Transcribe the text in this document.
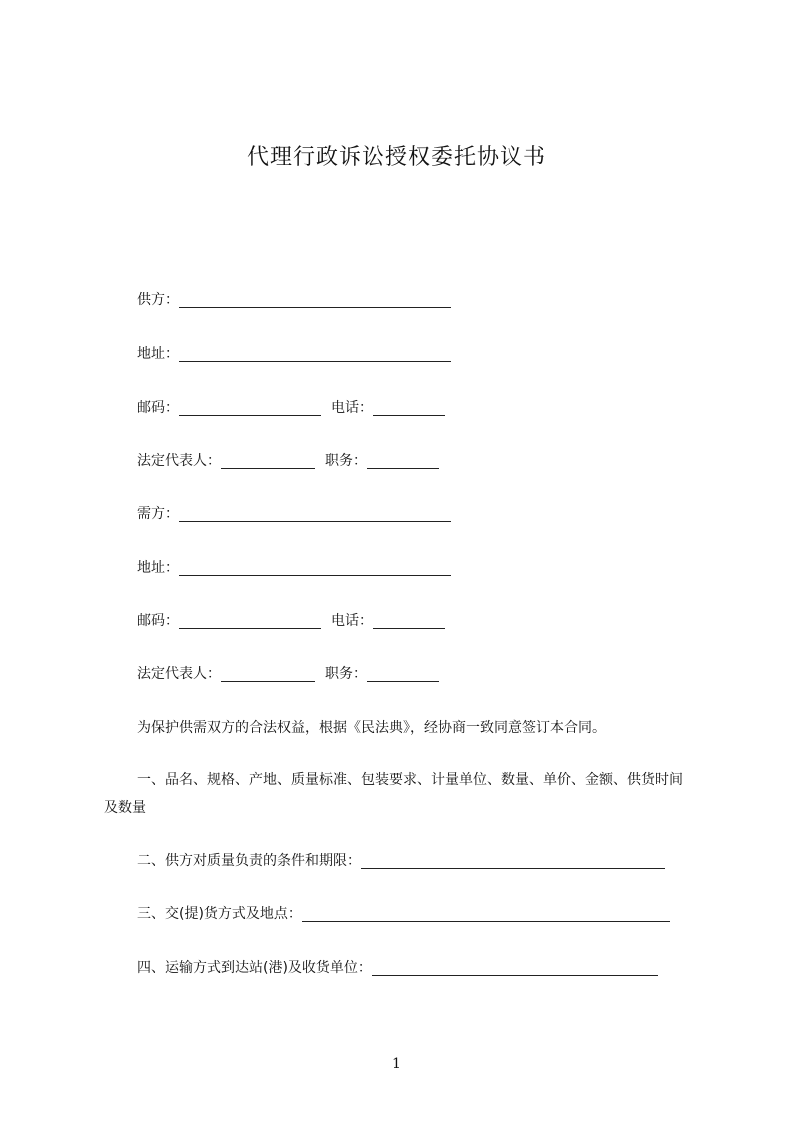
代理行政诉讼授权委托协议书
供方：
地址：
邮码：	电话：
法定代表人：	职务：
需方：
地址：
邮码：	电话：
法定代表人：	职务：
为保护供需双方的合法权益，根据《民法典》，经协商一致同意签订本合同。
一、品名、规格、产地、质量标准、包装要求、计量单位、数量、单价、金额、供货时间及数量
二、供方对质量负责的条件和期限：
三、交(提)货方式及地点：
四、运输方式到达站(港)及收货单位：
1
